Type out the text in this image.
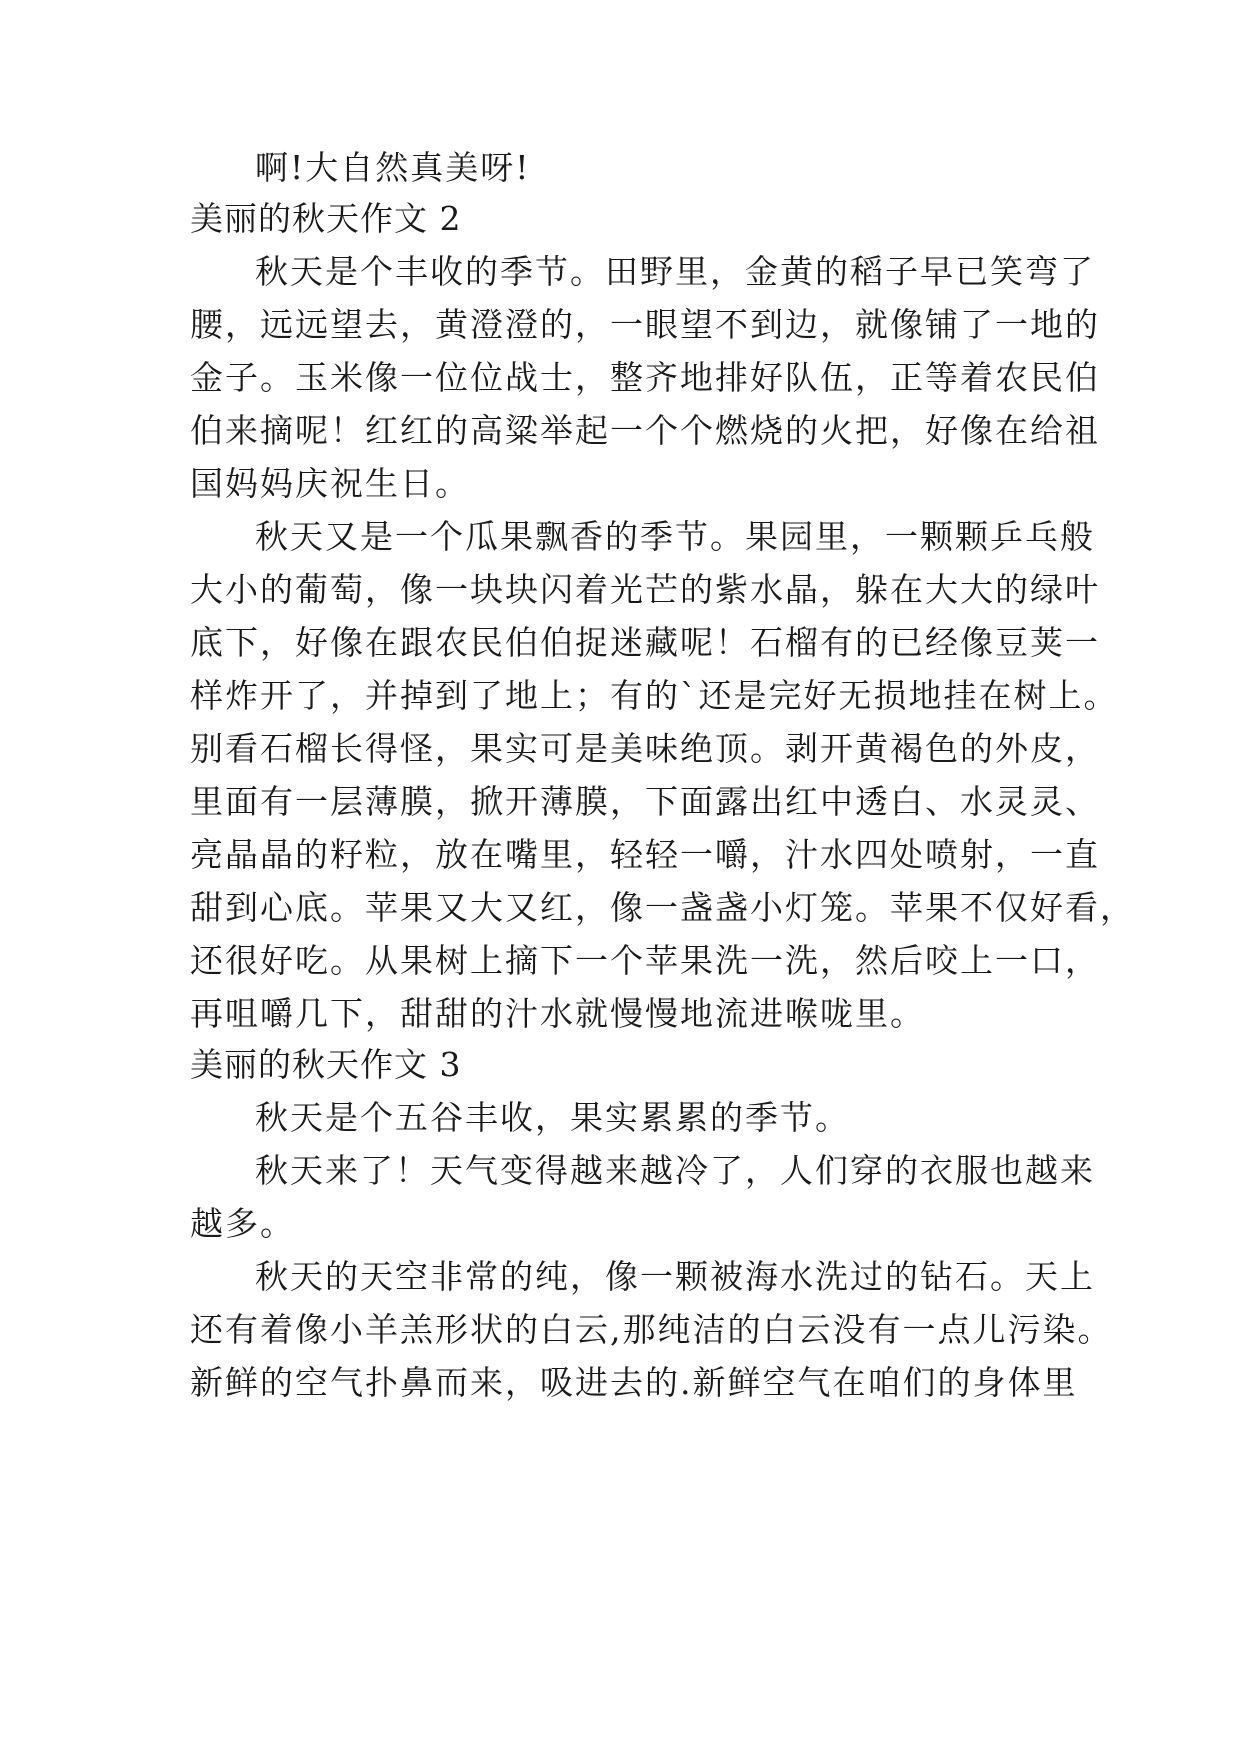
啊!大自然真美呀!
美丽的秋天作文 2
秋天是个丰收的季节。田野里，金黄的稻子早已笑弯了
腰，远远望去，黄澄澄的，一眼望不到边，就像铺了一地的
金子。玉米像一位位战士，整齐地排好队伍，正等着农民伯
伯来摘呢！红红的高粱举起一个个燃烧的火把，好像在给祖
国妈妈庆祝生日。
秋天又是一个瓜果飘香的季节。果园里，一颗颗乒乓般
大小的葡萄，像一块块闪着光芒的紫水晶，躲在大大的绿叶
底下，好像在跟农民伯伯捉迷藏呢！石榴有的已经像豆荚一
样炸开了，并掉到了地上；有的`还是完好无损地挂在树上。
别看石榴长得怪，果实可是美味绝顶。剥开黄褐色的外皮，
里面有一层薄膜，掀开薄膜，下面露出红中透白、水灵灵、
亮晶晶的籽粒，放在嘴里，轻轻一嚼，汁水四处喷射，一直
甜到心底。苹果又大又红，像一盏盏小灯笼。苹果不仅好看，
还很好吃。从果树上摘下一个苹果洗一洗，然后咬上一口，
再咀嚼几下，甜甜的汁水就慢慢地流进喉咙里。
美丽的秋天作文 3
秋天是个五谷丰收，果实累累的季节。
秋天来了！天气变得越来越冷了，人们穿的衣服也越来
越多。
秋天的天空非常的纯，像一颗被海水洗过的钻石。天上
还有着像小羊羔形状的白云,那纯洁的白云没有一点儿污染。
新鲜的空气扑鼻而来，吸进去的.新鲜空气在咱们的身体里
